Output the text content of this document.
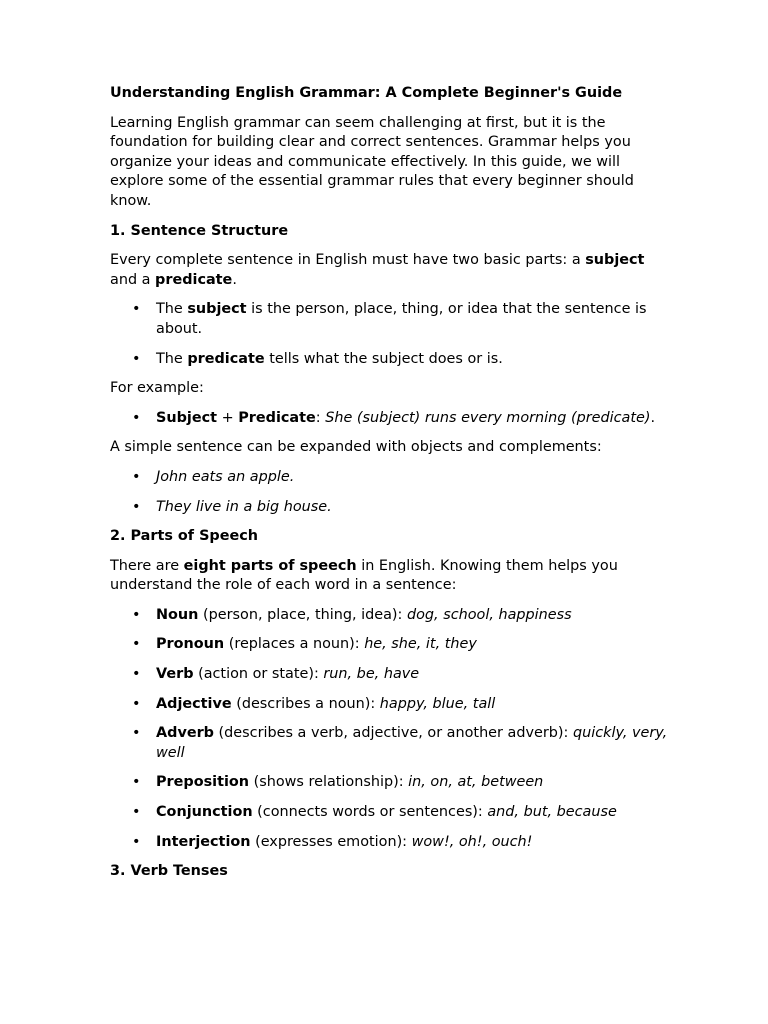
Understanding English Grammar: A Complete Beginner's Guide

Learning English grammar can seem challenging at first, but it is the foundation for building clear and correct sentences. Grammar helps you organize your ideas and communicate effectively. In this guide, we will explore some of the essential grammar rules that every beginner should know.

1. Sentence Structure

Every complete sentence in English must have two basic parts: a subject and a predicate.

• The subject is the person, place, thing, or idea that the sentence is about.
• The predicate tells what the subject does or is.

For example:

• Subject + Predicate: She (subject) runs every morning (predicate).

A simple sentence can be expanded with objects and complements:

• John eats an apple.
• They live in a big house.
2. Parts of Speech

There are eight parts of speech in English. Knowing them helps you understand the role of each word in a sentence:

• Noun (person, place, thing, idea): dog, school, happiness
• Pronoun (replaces a noun): he, she, it, they
• Verb (action or state): run, be, have
• Adjective (describes a noun): happy, blue, tall
• Adverb (describes a verb, adjective, or another adverb): quickly, very, well
• Preposition (shows relationship): in, on, at, between
• Conjunction (connects words or sentences): and, but, because
• Interjection (expresses emotion): wow!, oh!, ouch!
3. Verb Tenses
